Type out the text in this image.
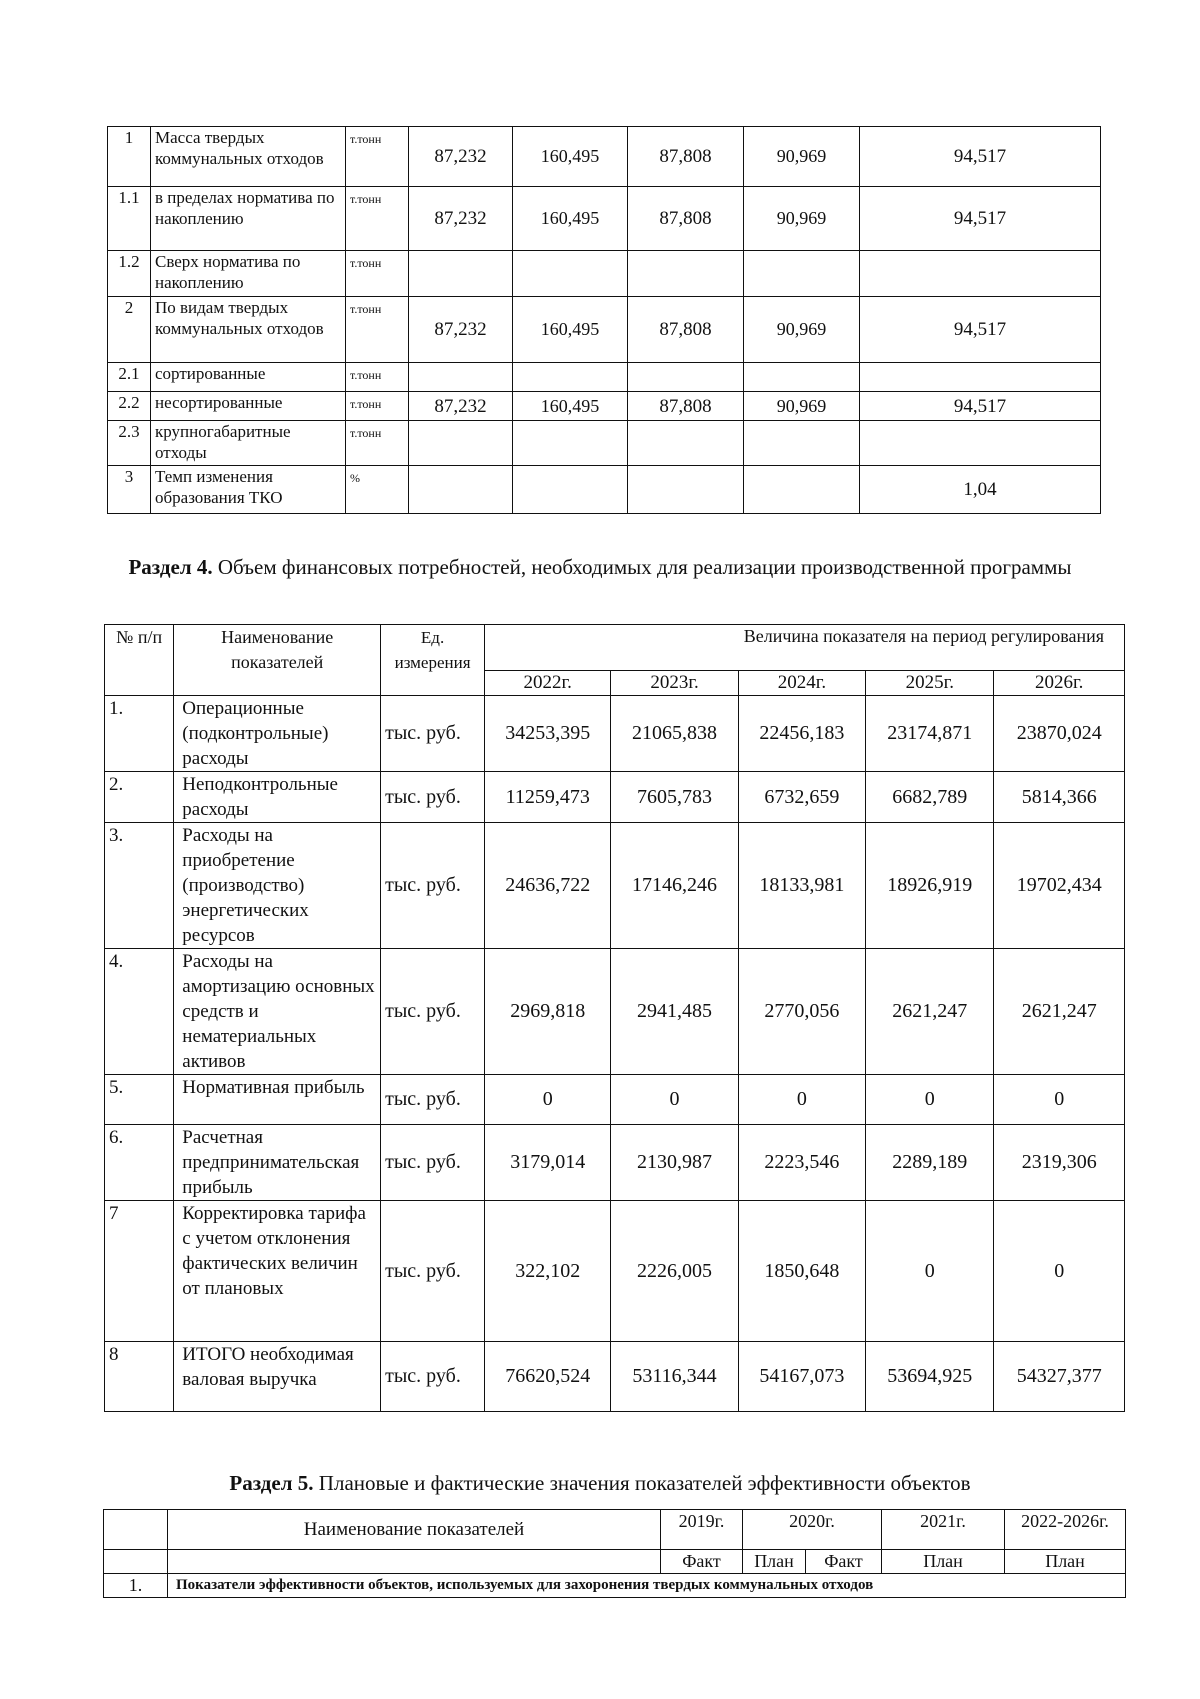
1	Масса твердых коммунальных отходов	т.тонн	87,232	160,495	87,808	90,969	94,517
1.1	в пределах норматива по накоплению	т.тонн	87,232	160,495	87,808	90,969	94,517
1.2	Сверх норматива по накоплению	т.тонн					
2	По видам твердых коммунальных отходов	т.тонн	87,232	160,495	87,808	90,969	94,517
2.1	сортированные	т.тонн					
2.2	несортированные	т.тонн	87,232	160,495	87,808	90,969	94,517
2.3	крупногабаритные отходы	т.тонн					
3	Темп изменения образования ТКО	%					1,04
Раздел 4. Объем финансовых потребностей, необходимых для реализации производственной программы
№ п/п	Наименование показателей	Ед. измерения	Величина показателя на период регулирования				
			2022г.	2023г.	2024г.	2025г.	2026г.
1.	Операционные (подконтрольные) расходы	тыс. руб.	34253,395	21065,838	22456,183	23174,871	23870,024
2.	Неподконтрольные расходы	тыс. руб.	11259,473	7605,783	6732,659	6682,789	5814,366
3.	Расходы на приобретение (производство) энергетических ресурсов	тыс. руб.	24636,722	17146,246	18133,981	18926,919	19702,434
4.	Расходы на амортизацию основных средств и нематериальных активов	тыс. руб.	2969,818	2941,485	2770,056	2621,247	2621,247
5.	Нормативная прибыль	тыс. руб.	0	0	0	0	0
6.	Расчетная предпринимательская прибыль	тыс. руб.	3179,014	2130,987	2223,546	2289,189	2319,306
7	Корректировка тарифа с учетом отклонения фактических величин от плановых	тыс. руб.	322,102	2226,005	1850,648	0	0
8	ИТОГО необходимая валовая выручка	тыс. руб.	76620,524	53116,344	54167,073	53694,925	54327,377
Раздел 5. Плановые и фактические значения показателей эффективности объектов
	Наименование показателей	2019г.	2020г.		2021г.	2022-2026г.
		Факт	План	Факт	План	План
1.	Показатели эффективности объектов, используемых для захоронения твердых коммунальных отходов					
